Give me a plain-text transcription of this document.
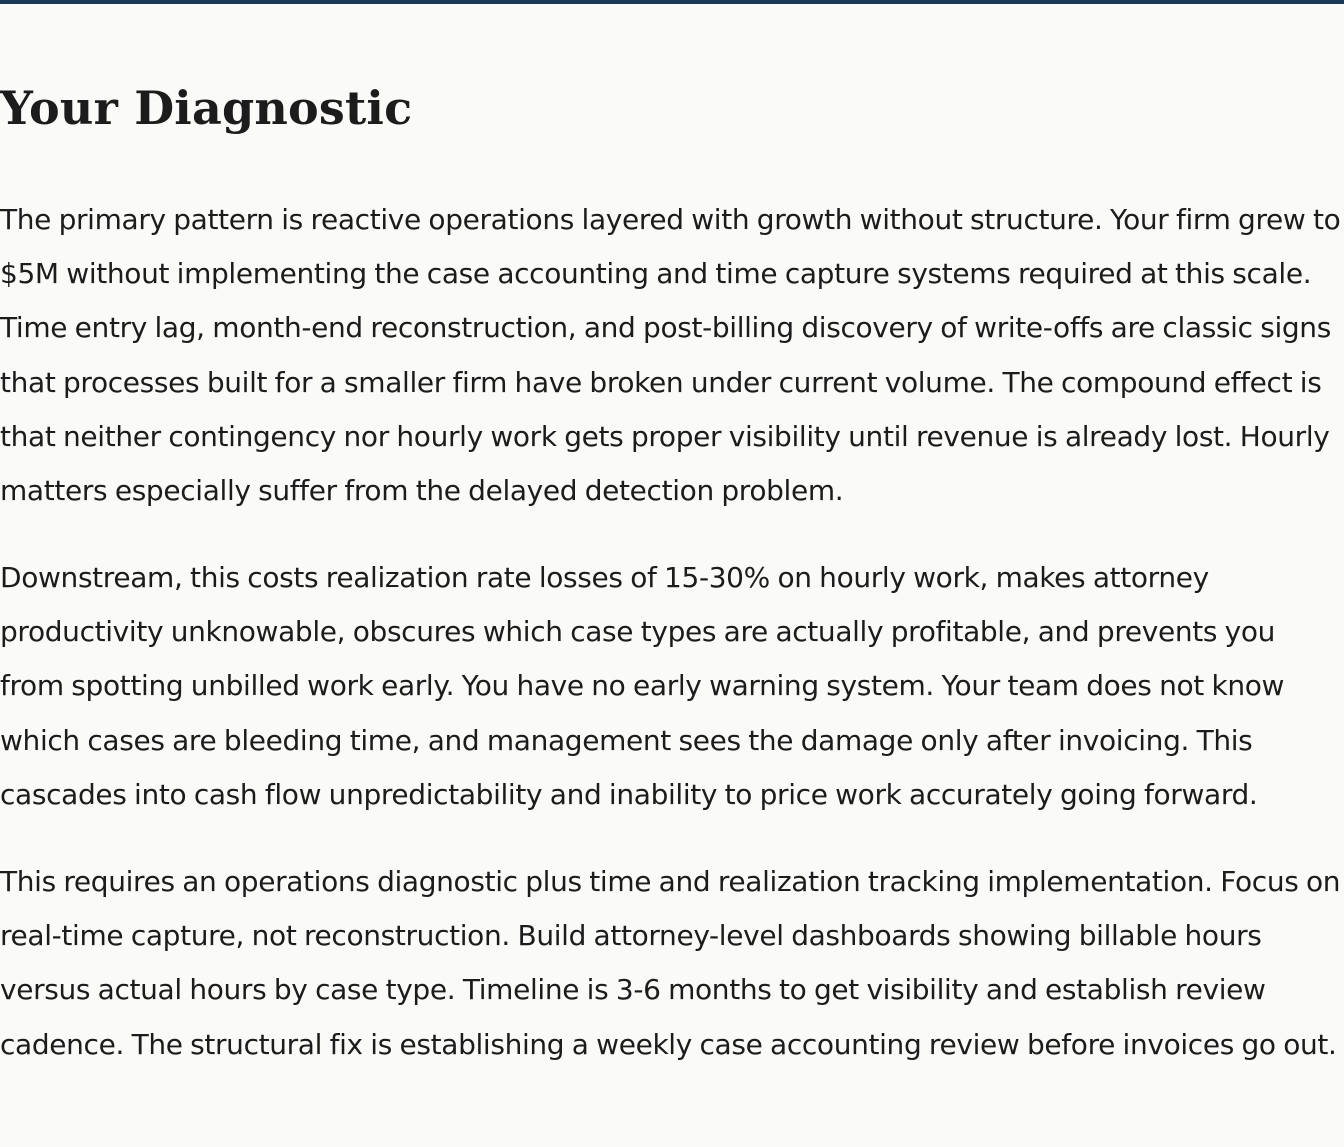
Your Diagnostic

The primary pattern is reactive operations layered with growth without structure. Your firm grew to $5M without implementing the case accounting and time capture systems required at this scale. Time entry lag, month-end reconstruction, and post-billing discovery of write-offs are classic signs that processes built for a smaller firm have broken under current volume. The compound effect is that neither contingency nor hourly work gets proper visibility until revenue is already lost. Hourly matters especially suffer from the delayed detection problem.

Downstream, this costs realization rate losses of 15-30% on hourly work, makes attorney productivity unknowable, obscures which case types are actually profitable, and prevents you from spotting unbilled work early. You have no early warning system. Your team does not know which cases are bleeding time, and management sees the damage only after invoicing. This cascades into cash flow unpredictability and inability to price work accurately going forward.

This requires an operations diagnostic plus time and realization tracking implementation. Focus on real-time capture, not reconstruction. Build attorney-level dashboards showing billable hours versus actual hours by case type. Timeline is 3-6 months to get visibility and establish review cadence. The structural fix is establishing a weekly case accounting review before invoices go out.
